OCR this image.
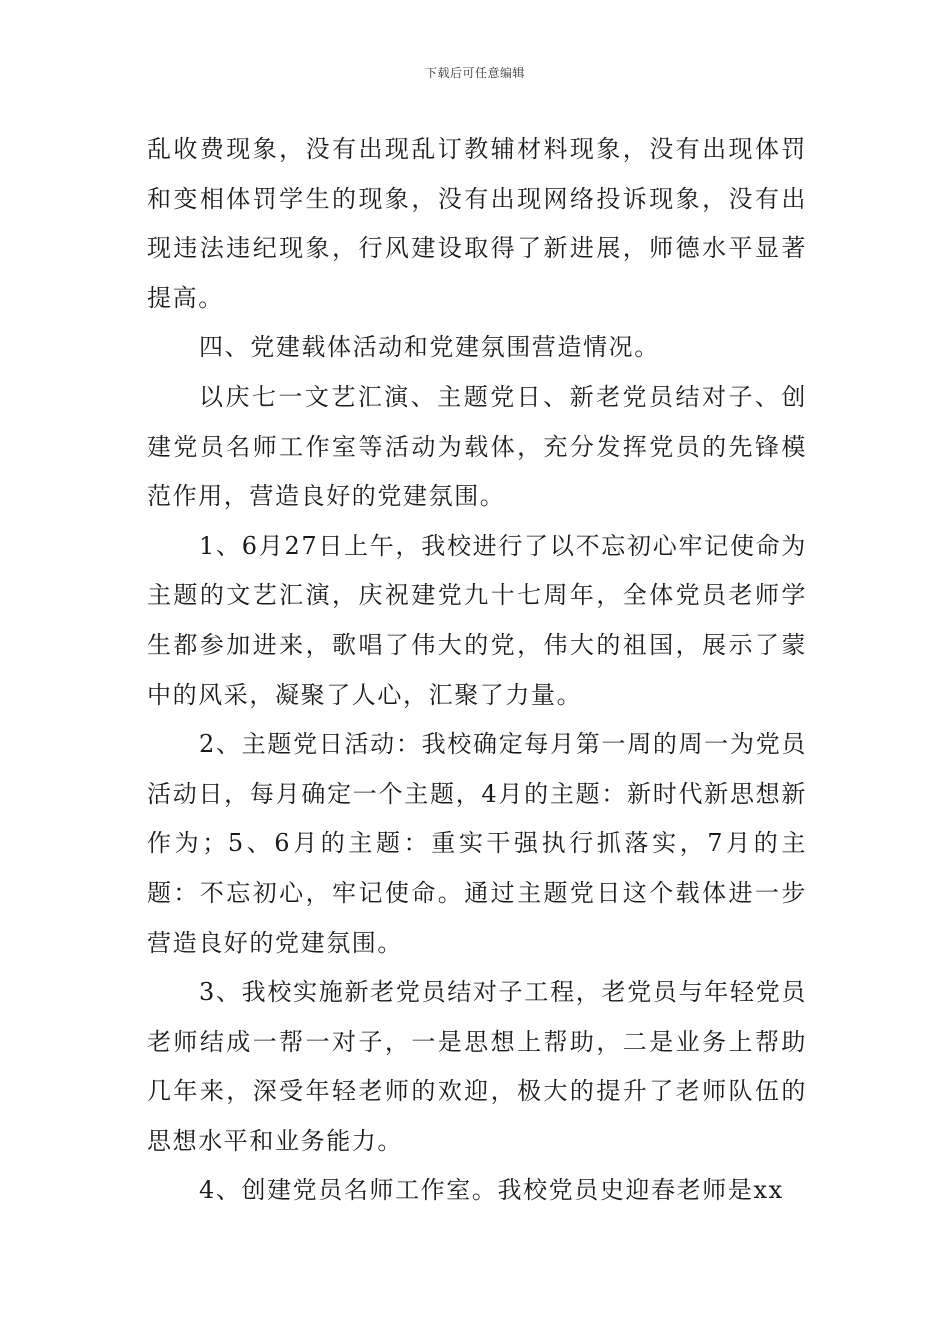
下载后可任意编辑

乱收费现象，没有出现乱订教辅材料现象，没有出现体罚和变相体罚学生的现象，没有出现网络投诉现象，没有出现违法违纪现象，行风建设取得了新进展，师德水平显著提高。

四、党建载体活动和党建氛围营造情况。

以庆七一文艺汇演、主题党日、新老党员结对子、创建党员名师工作室等活动为载体，充分发挥党员的先锋模范作用，营造良好的党建氛围。

1、6月27日上午，我校进行了以不忘初心牢记使命为主题的文艺汇演，庆祝建党九十七周年，全体党员老师学生都参加进来，歌唱了伟大的党，伟大的祖国，展示了蒙中的风采，凝聚了人心，汇聚了力量。

2、主题党日活动：我校确定每月第一周的周一为党员活动日，每月确定一个主题，4月的主题：新时代新思想新作为；5、6月的主题：重实干强执行抓落实，7月的主题：不忘初心，牢记使命。通过主题党日这个载体进一步营造良好的党建氛围。

3、我校实施新老党员结对子工程，老党员与年轻党员老师结成一帮一对子，一是思想上帮助，二是业务上帮助几年来，深受年轻老师的欢迎，极大的提升了老师队伍的思想水平和业务能力。

4、创建党员名师工作室。我校党员史迎春老师是xx
